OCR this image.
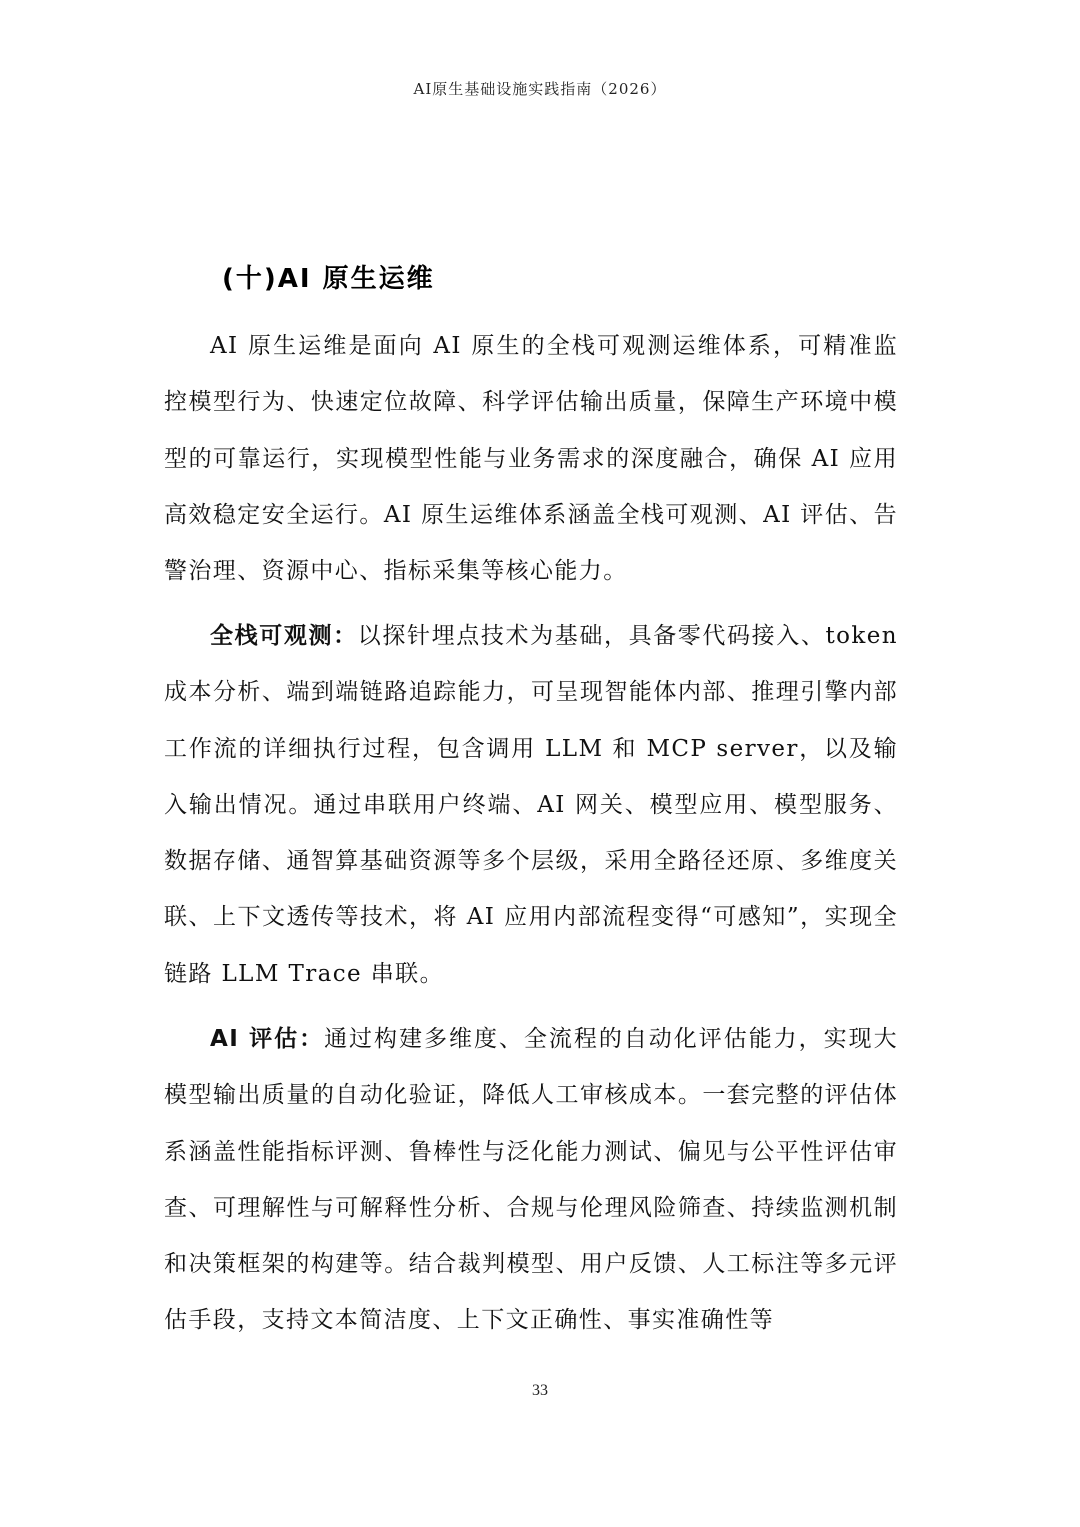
AI原生基础设施实践指南（2026）
(十)AI 原生运维

AI 原生运维是面向 AI 原生的全栈可观测运维体系，可精准监控模型行为、快速定位故障、科学评估输出质量，保障生产环境中模型的可靠运行，实现模型性能与业务需求的深度融合，确保 AI 应用高效稳定安全运行。AI 原生运维体系涵盖全栈可观测、AI 评估、告警治理、资源中心、指标采集等核心能力。

全栈可观测：以探针埋点技术为基础，具备零代码接入、token 成本分析、端到端链路追踪能力，可呈现智能体内部、推理引擎内部工作流的详细执行过程，包含调用 LLM 和 MCP server，以及输入输出情况。通过串联用户终端、AI 网关、模型应用、模型服务、数据存储、通智算基础资源等多个层级，采用全路径还原、多维度关联、上下文透传等技术，将 AI 应用内部流程变得“可感知”，实现全链路 LLM Trace 串联。

AI 评估：通过构建多维度、全流程的自动化评估能力，实现大模型输出质量的自动化验证，降低人工审核成本。一套完整的评估体系涵盖性能指标评测、鲁棒性与泛化能力测试、偏见与公平性评估审查、可理解性与可解释性分析、合规与伦理风险筛查、持续监测机制和决策框架的构建等。结合裁判模型、用户反馈、人工标注等多元评估手段，支持文本简洁度、上下文正确性、事实准确性等

33
